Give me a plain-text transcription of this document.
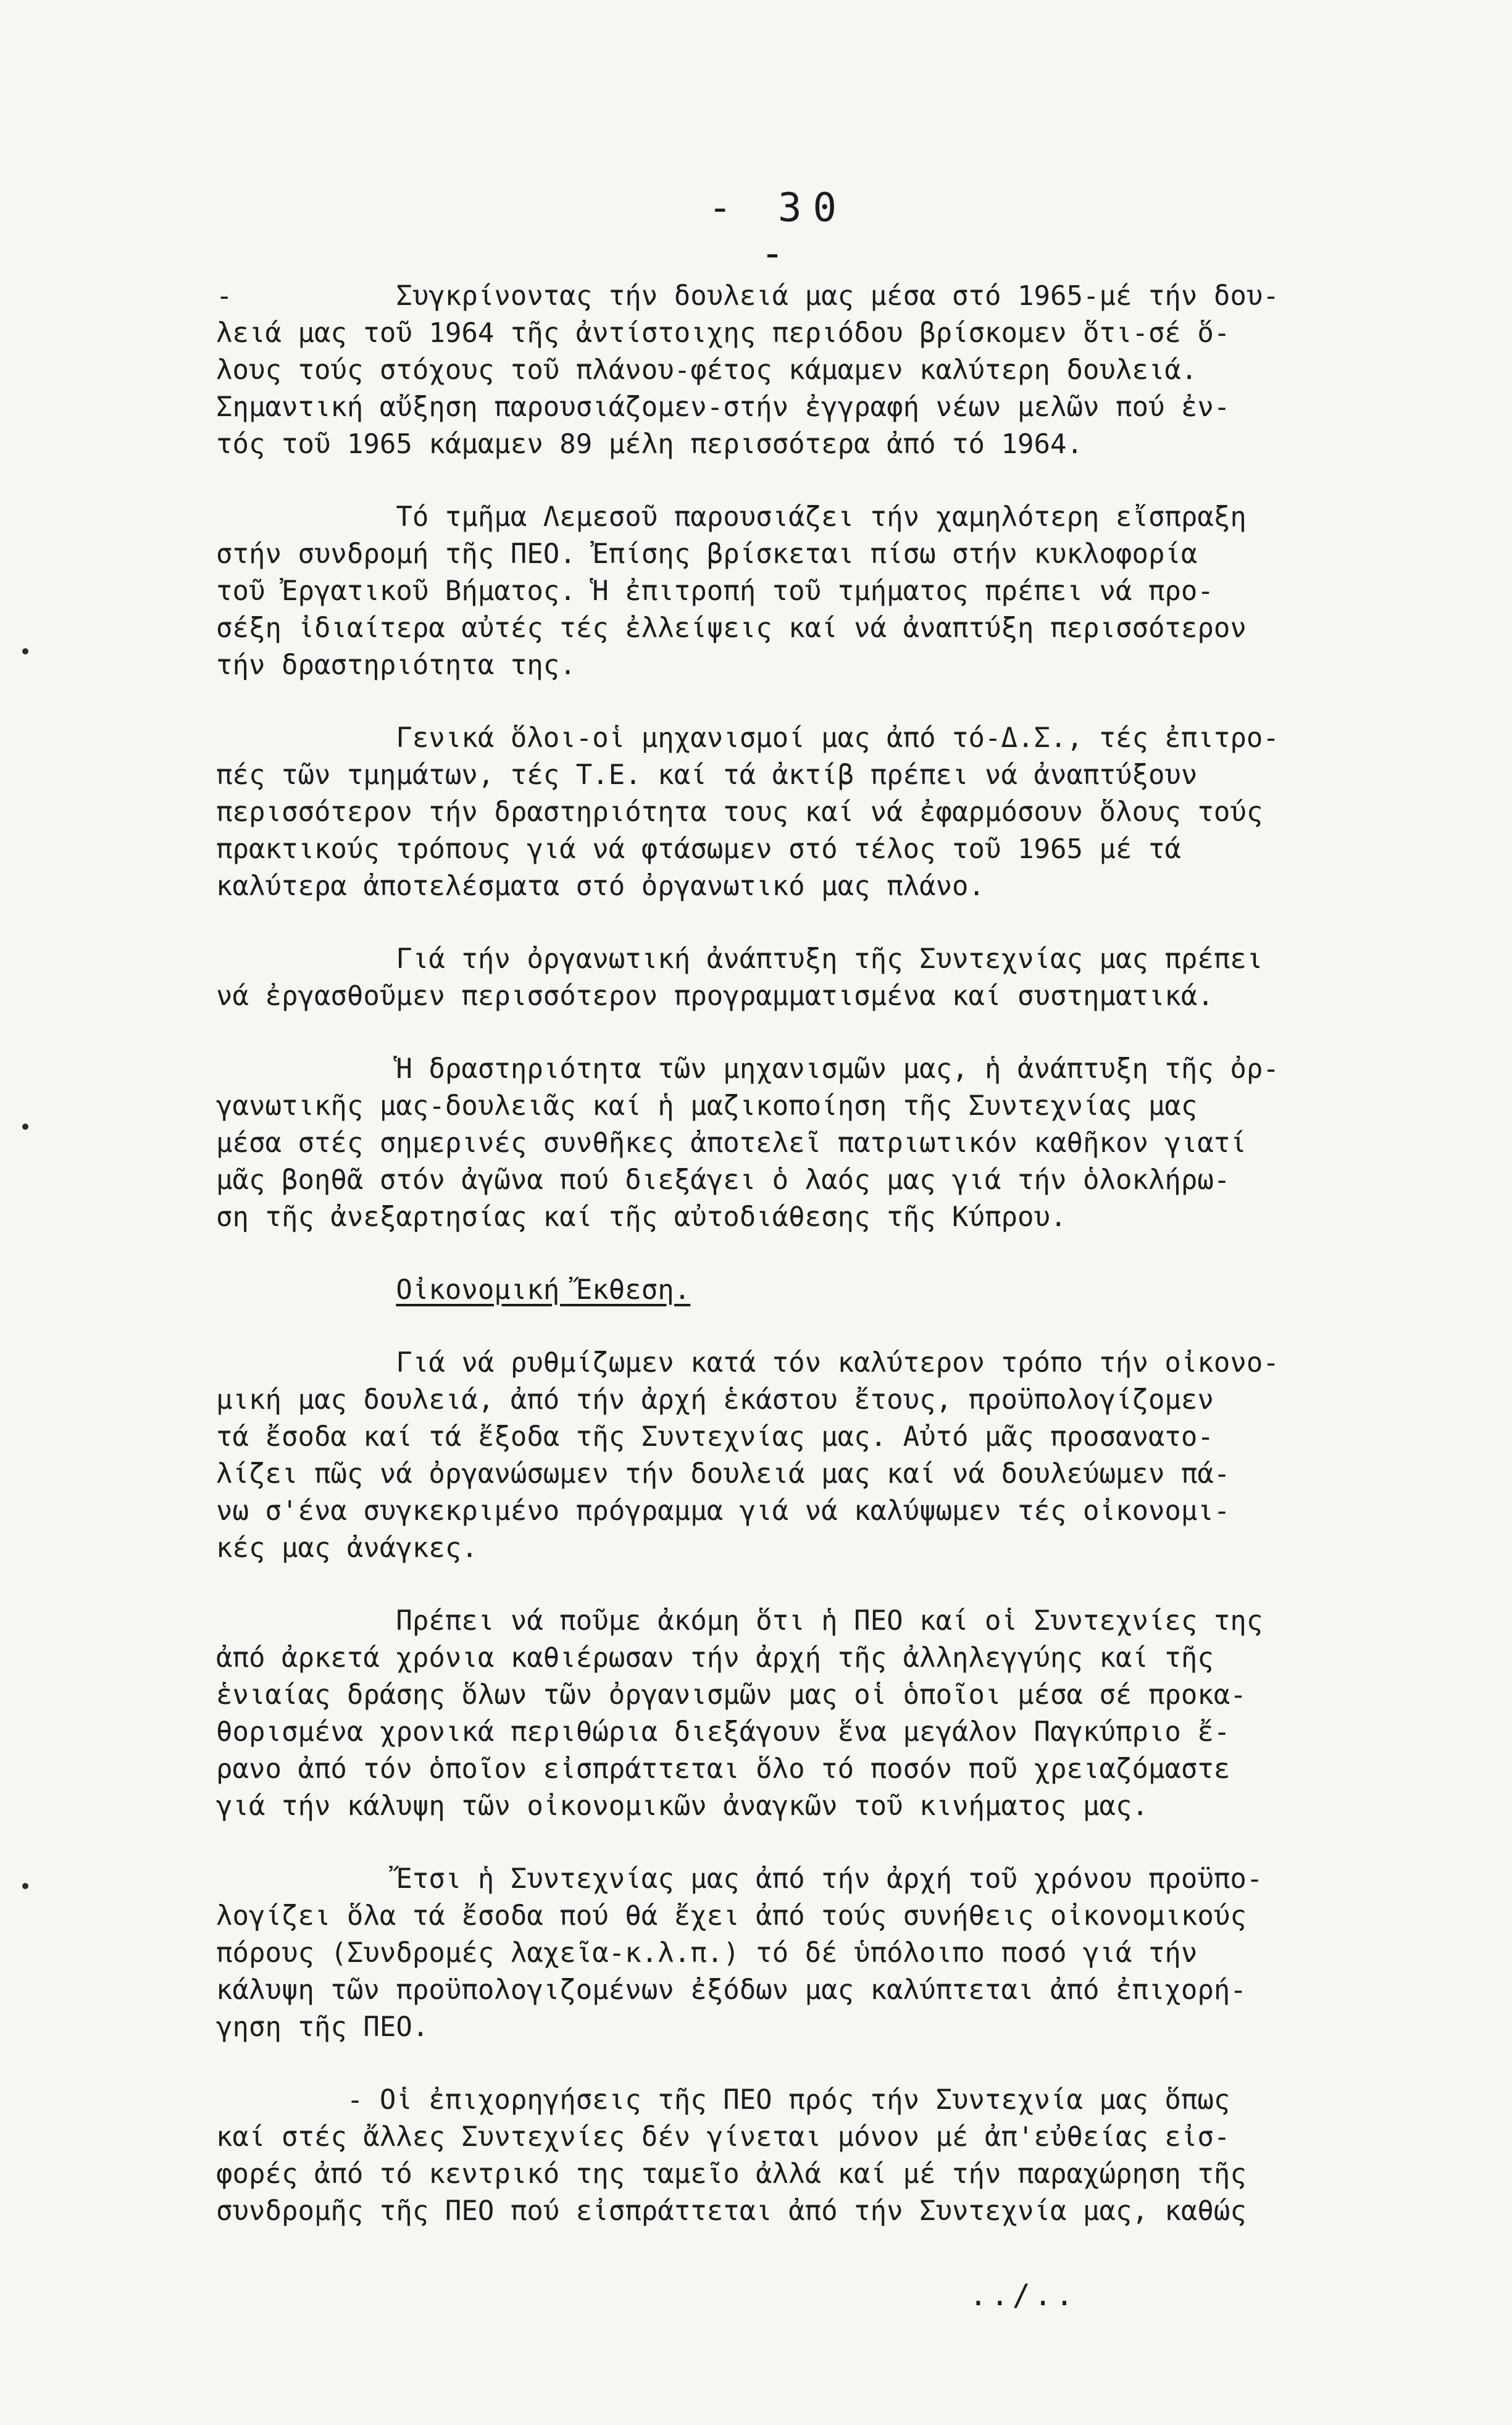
- 30 -
-          Συγκρίνοντας τήν δουλειά μας μέσα στό 1965-μέ τήν δου-
λειά μας τοῦ 1964 τῆς ἀντίστοιχης περιόδου βρίσκομεν ὅτι-σέ ὅ-
λους τούς στόχους τοῦ πλάνου-φέτος κάμαμεν καλύτερη δουλειά.
Σημαντική αὔξηση παρουσιάζομεν-στήν ἐγγραφή νέων μελῶν πού ἐν-
τός τοῦ 1965 κάμαμεν 89 μέλη περισσότερα ἀπό τό 1964.
Τό τμῆμα Λεμεσοῦ παρουσιάζει τήν χαμηλότερη εἴσπραξη
στήν συνδρομή τῆς ΠΕΟ. Ἐπίσης βρίσκεται πίσω στήν κυκλοφορία
τοῦ Ἐργατικοῦ Βήματος. Ἡ ἐπιτροπή τοῦ τμήματος πρέπει νά προ-
σέξη ἰδιαίτερα αὐτές τές ἐλλείψεις καί νά ἀναπτύξη περισσότερον
τήν δραστηριότητα της.
Γενικά ὅλοι-οἱ μηχανισμοί μας ἀπό τό-Δ.Σ., τές ἐπιτρο-
πές τῶν τμημάτων, τές Τ.Ε. καί τά ἀκτίβ πρέπει νά ἀναπτύξουν
περισσότερον τήν δραστηριότητα τους καί νά ἐφαρμόσουν ὅλους τούς
πρακτικούς τρόπους γιά νά φτάσωμεν στό τέλος τοῦ 1965 μέ τά
καλύτερα ἀποτελέσματα στό ὀργανωτικό μας πλάνο.
Γιά τήν ὀργανωτική ἀνάπτυξη τῆς Συντεχνίας μας πρέπει
νά ἐργασθοῦμεν περισσότερον προγραμματισμένα καί συστηματικά.
Ἡ δραστηριότητα τῶν μηχανισμῶν μας, ἡ ἀνάπτυξη τῆς ὀρ-
γανωτικῆς μας-δουλειᾶς καί ἡ μαζικοποίηση τῆς Συντεχνίας μας
μέσα στές σημερινές συνθῆκες ἀποτελεῖ πατριωτικόν καθῆκον γιατί
μᾶς βοηθᾶ στόν ἀγῶνα πού διεξάγει ὁ λαός μας γιά τήν ὁλοκλήρω-
ση τῆς ἀνεξαρτησίας καί τῆς αὐτοδιάθεσης τῆς Κύπρου.
Οἰκονομική Ἔκθεση.
Γιά νά ρυθμίζωμεν κατά τόν καλύτερον τρόπο τήν οἰκονο-
μική μας δουλειά, ἀπό τήν ἀρχή ἑκάστου ἔτους, προϋπολογίζομεν
τά ἔσοδα καί τά ἔξοδα τῆς Συντεχνίας μας. Αὐτό μᾶς προσανατο-
λίζει πῶς νά ὀργανώσωμεν τήν δουλειά μας καί νά δουλεύωμεν πά-
νω σ'ένα συγκεκριμένο πρόγραμμα γιά νά καλύψωμεν τές οἰκονομι-
κές μας ἀνάγκες.
Πρέπει νά ποῦμε ἀκόμη ὅτι ἡ ΠΕΟ καί οἱ Συντεχνίες της
ἀπό ἀρκετά χρόνια καθιέρωσαν τήν ἀρχή τῆς ἀλληλεγγύης καί τῆς
ἑνιαίας δράσης ὅλων τῶν ὀργανισμῶν μας οἱ ὁποῖοι μέσα σέ προκα-
θορισμένα χρονικά περιθώρια διεξάγουν ἕνα μεγάλον Παγκύπριο ἔ-
ρανο ἀπό τόν ὁποῖον εἰσπράττεται ὅλο τό ποσόν ποῦ χρειαζόμαστε
γιά τήν κάλυψη τῶν οἰκονομικῶν ἀναγκῶν τοῦ κινήματος μας.
Ἔτσι ἡ Συντεχνίας μας ἀπό τήν ἀρχή τοῦ χρόνου προϋπο-
λογίζει ὅλα τά ἔσοδα πού θά ἔχει ἀπό τούς συνήθεις οἰκονομικούς
πόρους (Συνδρομές λαχεῖα-κ.λ.π.) τό δέ ὑπόλοιπο ποσό γιά τήν
κάλυψη τῶν προϋπολογιζομένων ἐξόδων μας καλύπτεται ἀπό ἐπιχορή-
γηση τῆς ΠΕΟ.
- Οἱ ἐπιχορηγήσεις τῆς ΠΕΟ πρός τήν Συντεχνία μας ὅπως
καί στές ἄλλες Συντεχνίες δέν γίνεται μόνον μέ ἀπ'εὐθείας εἰσ-
φορές ἀπό τό κεντρικό της ταμεῖο ἀλλά καί μέ τήν παραχώρηση τῆς
συνδρομῆς τῆς ΠΕΟ πού εἰσπράττεται ἀπό τήν Συντεχνία μας, καθώς
../..
